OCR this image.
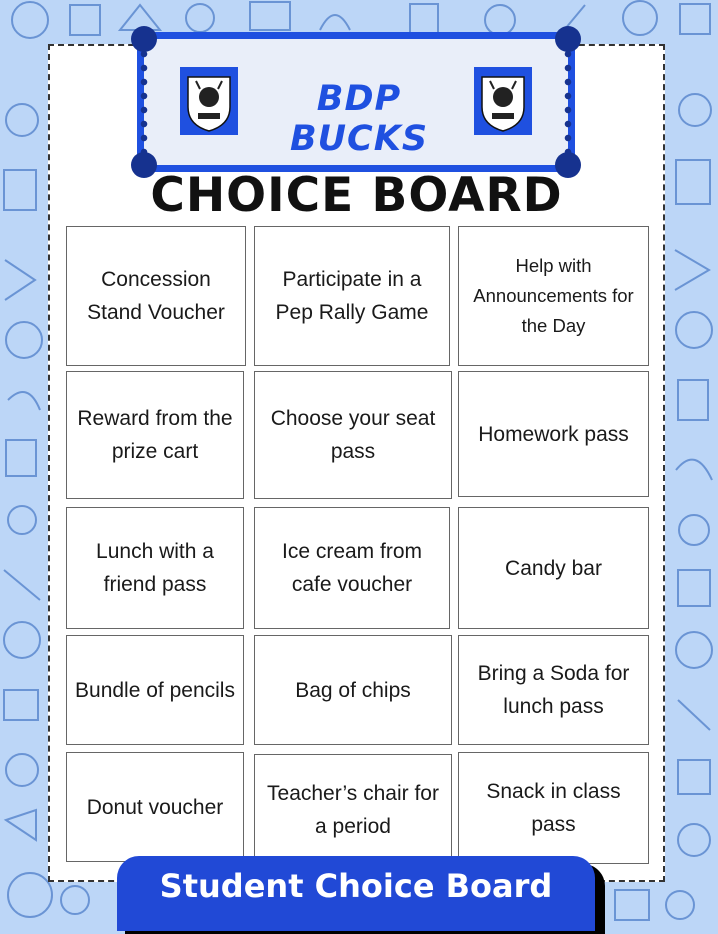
BDP BUCKS
CHOICE BOARD
Concession Stand Voucher
Participate in a Pep Rally Game
Help with Announcements for the Day
Reward from the prize cart
Choose your seat pass
Homework pass
Lunch with a friend pass
Ice cream from cafe voucher
Candy bar
Bundle of pencils	Bag of chips
Bring a Soda for lunch pass
Donut voucher
Teacher’s chair for a period
Snack in class pass
Student Choice Board
